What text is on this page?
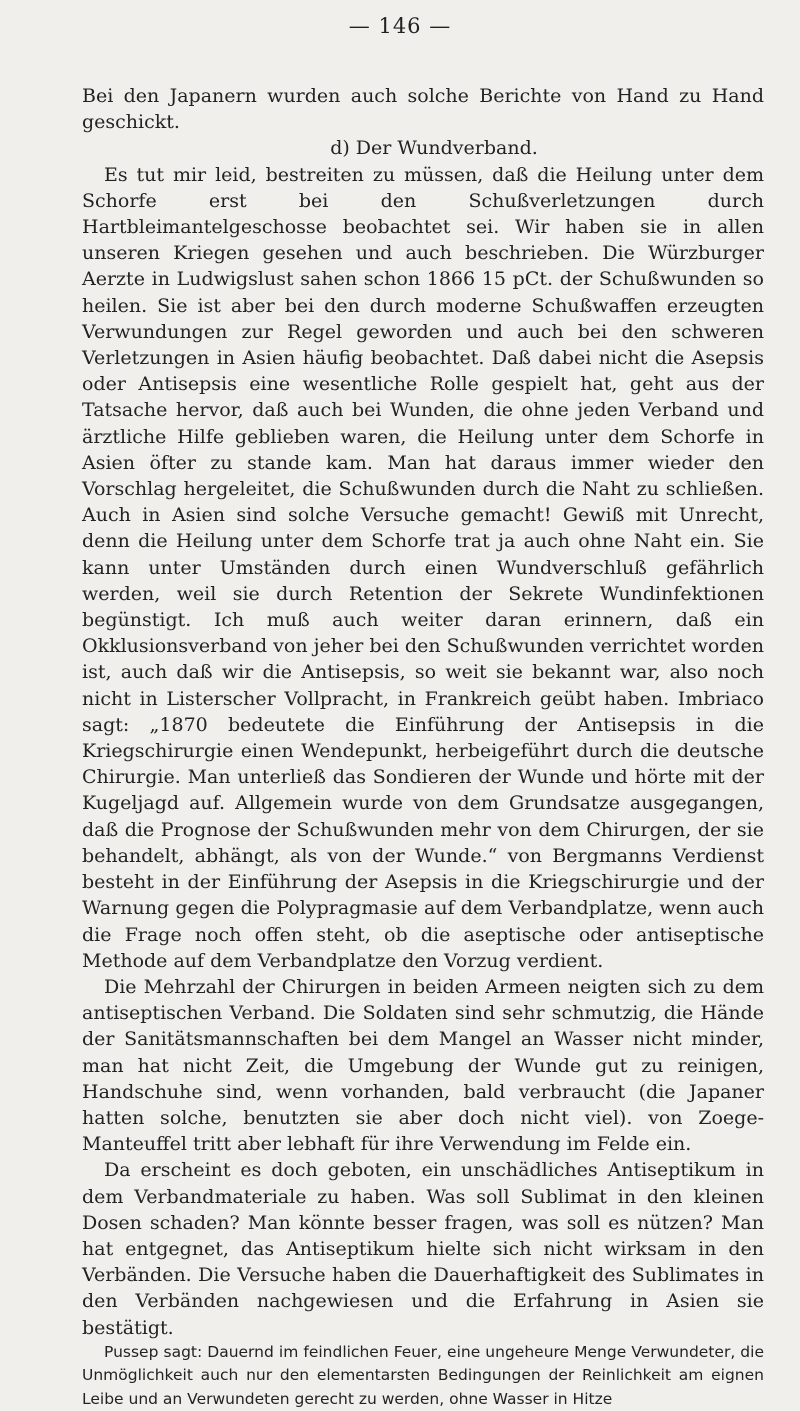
— 146 —

Bei den Japanern wurden auch solche Berichte von Hand zu Hand geschickt.

d) Der Wundverband.

Es tut mir leid, bestreiten zu müssen, daß die Heilung unter dem Schorfe erst bei den Schußverletzungen durch Hartbleimantelgeschosse beobachtet sei. Wir haben sie in allen unseren Kriegen gesehen und auch beschrieben. Die Würzburger Aerzte in Ludwigslust sahen schon 1866 15 pCt. der Schußwunden so heilen. Sie ist aber bei den durch moderne Schußwaffen erzeugten Verwundungen zur Regel geworden und auch bei den schweren Verletzungen in Asien häufig beobachtet. Daß dabei nicht die Asepsis oder Antisepsis eine wesentliche Rolle gespielt hat, geht aus der Tatsache hervor, daß auch bei Wunden, die ohne jeden Verband und ärztliche Hilfe geblieben waren, die Heilung unter dem Schorfe in Asien öfter zu stande kam. Man hat daraus immer wieder den Vorschlag hergeleitet, die Schußwunden durch die Naht zu schließen. Auch in Asien sind solche Versuche gemacht! Gewiß mit Unrecht, denn die Heilung unter dem Schorfe trat ja auch ohne Naht ein. Sie kann unter Umständen durch einen Wundverschluß gefährlich werden, weil sie durch Retention der Sekrete Wundinfektionen begünstigt. Ich muß auch weiter daran erinnern, daß ein Okklusionsverband von jeher bei den Schußwunden verrichtet worden ist, auch daß wir die Antisepsis, so weit sie bekannt war, also noch nicht in Listerscher Vollpracht, in Frankreich geübt haben. Imbriaco sagt: „1870 bedeutete die Einführung der Antisepsis in die Kriegschirurgie einen Wendepunkt, herbeigeführt durch die deutsche Chirurgie. Man unterließ das Sondieren der Wunde und hörte mit der Kugeljagd auf. Allgemein wurde von dem Grundsatze ausgegangen, daß die Prognose der Schußwunden mehr von dem Chirurgen, der sie behandelt, abhängt, als von der Wunde.“ von Bergmanns Verdienst besteht in der Einführung der Asepsis in die Kriegschirurgie und der Warnung gegen die Polypragmasie auf dem Verbandplatze, wenn auch die Frage noch offen steht, ob die aseptische oder antiseptische Methode auf dem Verbandplatze den Vorzug verdient.

Die Mehrzahl der Chirurgen in beiden Armeen neigten sich zu dem antiseptischen Verband. Die Soldaten sind sehr schmutzig, die Hände der Sanitätsmannschaften bei dem Mangel an Wasser nicht minder, man hat nicht Zeit, die Umgebung der Wunde gut zu reinigen, Handschuhe sind, wenn vorhanden, bald verbraucht (die Japaner hatten solche, benutzten sie aber doch nicht viel). von Zoege-Manteuffel tritt aber lebhaft für ihre Verwendung im Felde ein.

Da erscheint es doch geboten, ein unschädliches Antiseptikum in dem Verbandmateriale zu haben. Was soll Sublimat in den kleinen Dosen schaden? Man könnte besser fragen, was soll es nützen? Man hat entgegnet, das Antiseptikum hielte sich nicht wirksam in den Verbänden. Die Versuche haben die Dauerhaftigkeit des Sublimates in den Verbänden nachgewiesen und die Erfahrung in Asien sie bestätigt.

Pussep sagt: Dauernd im feindlichen Feuer, eine ungeheure Menge Verwundeter, die Unmöglichkeit auch nur den elementarsten Bedingungen der Reinlichkeit am eignen Leibe und an Verwundeten gerecht zu werden, ohne Wasser in Hitze
